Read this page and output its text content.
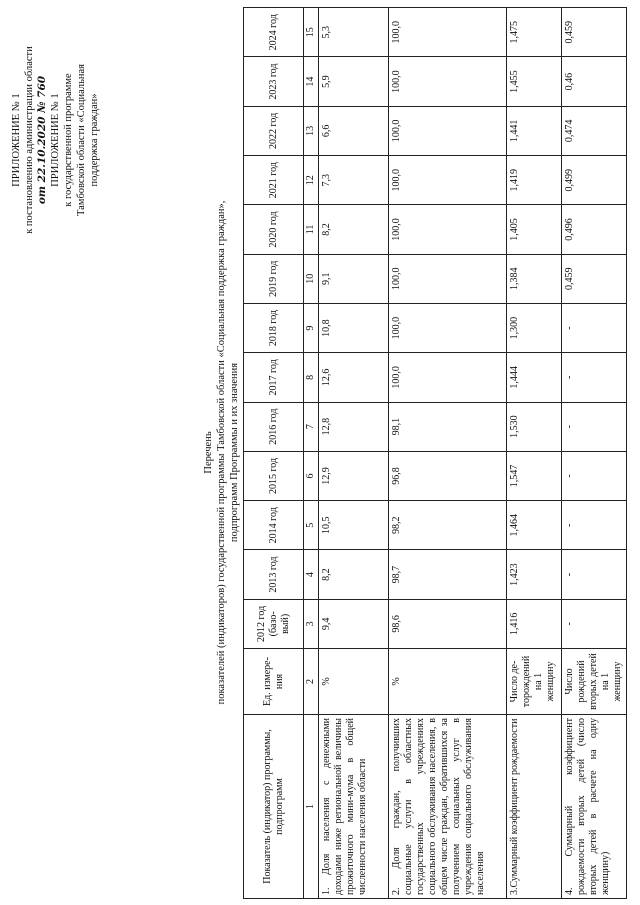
ПРИЛОЖЕНИЕ № 1 к постановлению администрации области от 22.10.2020 № 760 ПРИЛОЖЕНИЕ № 1 к государственной программе Тамбовской области «Социальная поддержка граждан»
Перечень показателей (индикаторов) государственной программы Тамбовской области «Социальная поддержка граждан», подпрограмм Программы и их значения
Показатель (индикатор) программы, подпрограмм	Ед. измере-ния	2012 год (базо-вый)	2013 год	2014 год	2015 год	2016 год	2017 год	2018 год	2019 год	2020 год	2021 год	2022 год	2023 год	2024 год
1	2	3	4	5	6	7	8	9	10	11	12	13	14	15
1. Доля населения с денежными доходами ниже региональной величины прожиточного мини-мума в общей численности населения области	%	9,4	8,2	10,5	12,9	12,8	12,6	10,8	9,1	8,2	7,3	6,6	5,9	5,3
2. Доля граждан, получивших социальные услуги в областных государственных учреждениях социального обслуживания населения, в общем числе граждан, обратившихся за получением социальных услуг в учреждения социального обслуживания населения	%	98,6	98,7	98,2	96,8	98,1	100,0	100,0	100,0	100,0	100,0	100,0	100,0	100,0
3.Суммарный коэффициент рождаемости	Число де-торождений на 1 женщину	1,416	1,423	1,464	1,547	1,530	1,444	1,300	1,384	1,405	1,419	1,441	1,455	1,475
4. Суммарный коэффициент рождаемости вторых детей (число вторых детей в расчете на одну женщину)	Число рождений вторых детей на 1 женщину	-	-	-	-	-	-	-	0,459	0,496	0,499	0,474	0,46	0,459
